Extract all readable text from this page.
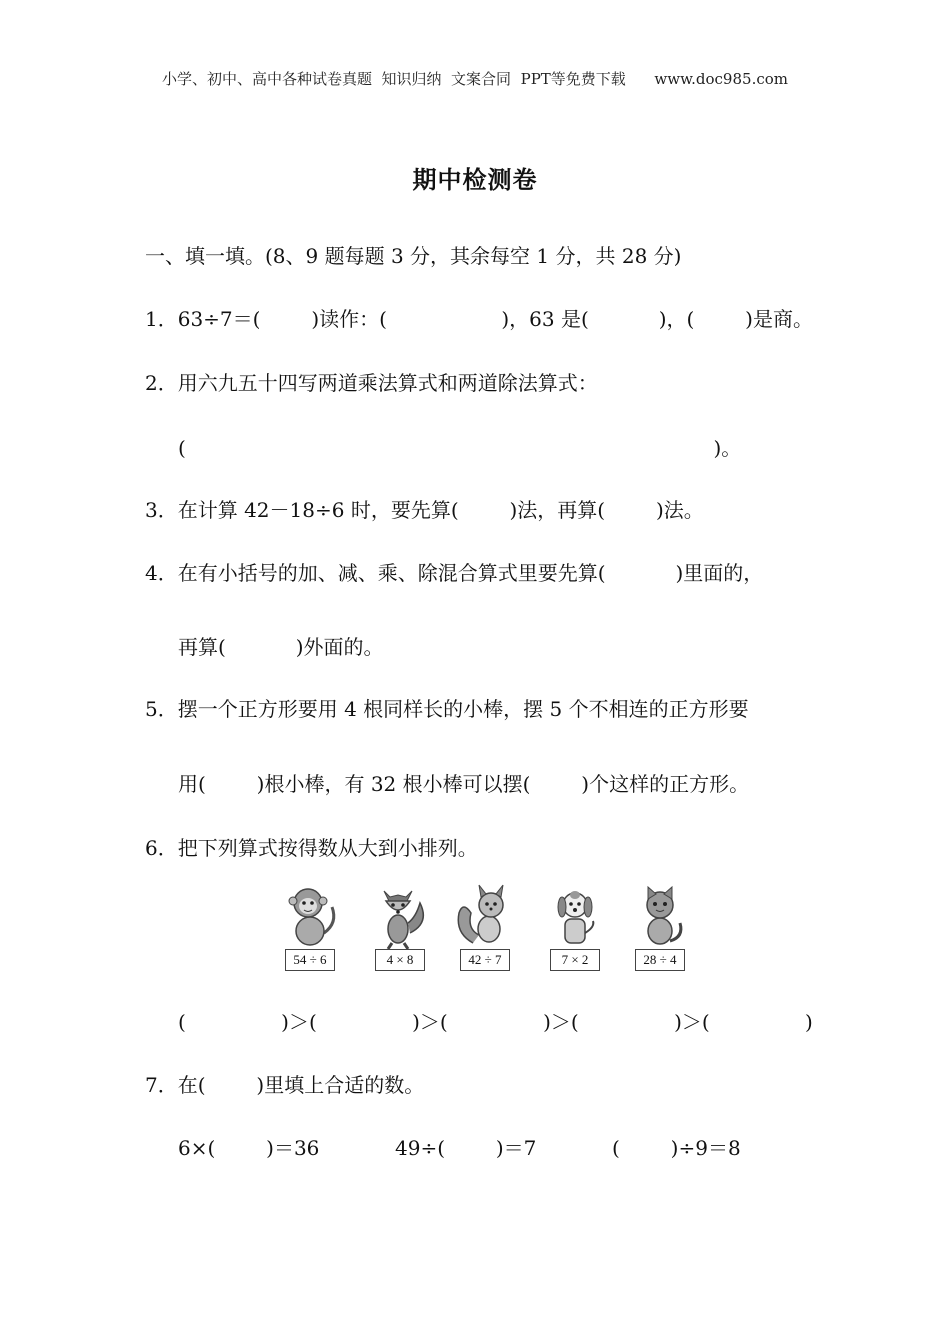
小学、初中、高中各种试卷真题  知识归纳  文案合同  PPT等免费下载      www.doc985.com
期中检测卷
一、填一填。(8、9 题每题 3 分，其余每空 1 分，共 28 分)
1．63÷7＝(        )读作：(                  )，63 是(           )，(        )是商。
2．用六九五十四写两道乘法算式和两道除法算式：
(                                                                                   )。
3．在计算 42－18÷6 时，要先算(        )法，再算(        )法。
4．在有小括号的加、减、乘、除混合算式里要先算(           )里面的，
再算(           )外面的。
5．摆一个正方形要用 4 根同样长的小棒，摆 5 个不相连的正方形要
用(        )根小棒，有 32 根小棒可以摆(        )个这样的正方形。
6．把下列算式按得数从大到小排列。
54 ÷ 6	4 × 8	42 ÷ 7	7 × 2	28 ÷ 4
(               )＞(               )＞(               )＞(               )＞(               )
7．在(        )里填上合适的数。
6×(        )＝36	49÷(        )＝7	(        )÷9＝8
